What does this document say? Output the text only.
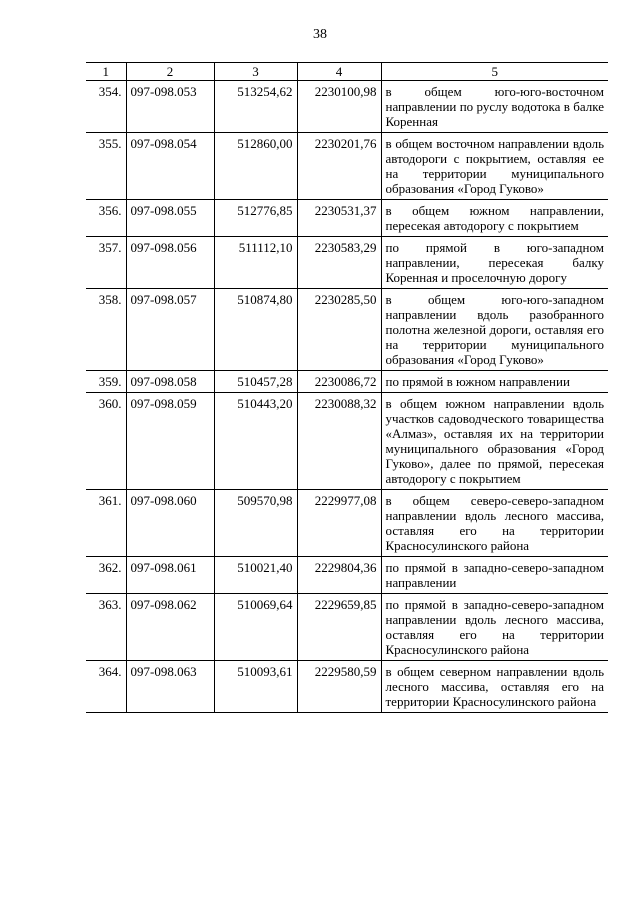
38
1	2	3	4	5
354.	097-098.053	513254,62	2230100,98	в общем юго-юго-восточном направлении по руслу водотока в балке Коренная
355.	097-098.054	512860,00	2230201,76	в общем восточном направлении вдоль автодороги с покрытием, оставляя ее на территории муниципального образования «Город Гуково»
356.	097-098.055	512776,85	2230531,37	в общем южном направлении, пересекая автодорогу с покрытием
357.	097-098.056	511112,10	2230583,29	по прямой в юго-западном направлении, пересекая балку Коренная и проселочную дорогу
358.	097-098.057	510874,80	2230285,50	в общем юго-юго-западном направлении вдоль разобранного полотна железной дороги, оставляя его на территории муниципального образования «Город Гуково»
359.	097-098.058	510457,28	2230086,72	по прямой в южном направлении
360.	097-098.059	510443,20	2230088,32	в общем южном направлении вдоль участков садоводческого товарищества «Алмаз», оставляя их на территории муниципального образования «Город Гуково», далее по прямой, пересекая автодорогу с покрытием
361.	097-098.060	509570,98	2229977,08	в общем северо-северо-западном направлении вдоль лесного массива, оставляя его на территории Красносулинского района
362.	097-098.061	510021,40	2229804,36	по прямой в западно-северо-западном направлении
363.	097-098.062	510069,64	2229659,85	по прямой в западно-северо-западном направлении вдоль лесного массива, оставляя его на территории Красносулинского района
364.	097-098.063	510093,61	2229580,59	в общем северном направлении вдоль лесного массива, оставляя его на территории Красносулинского района
